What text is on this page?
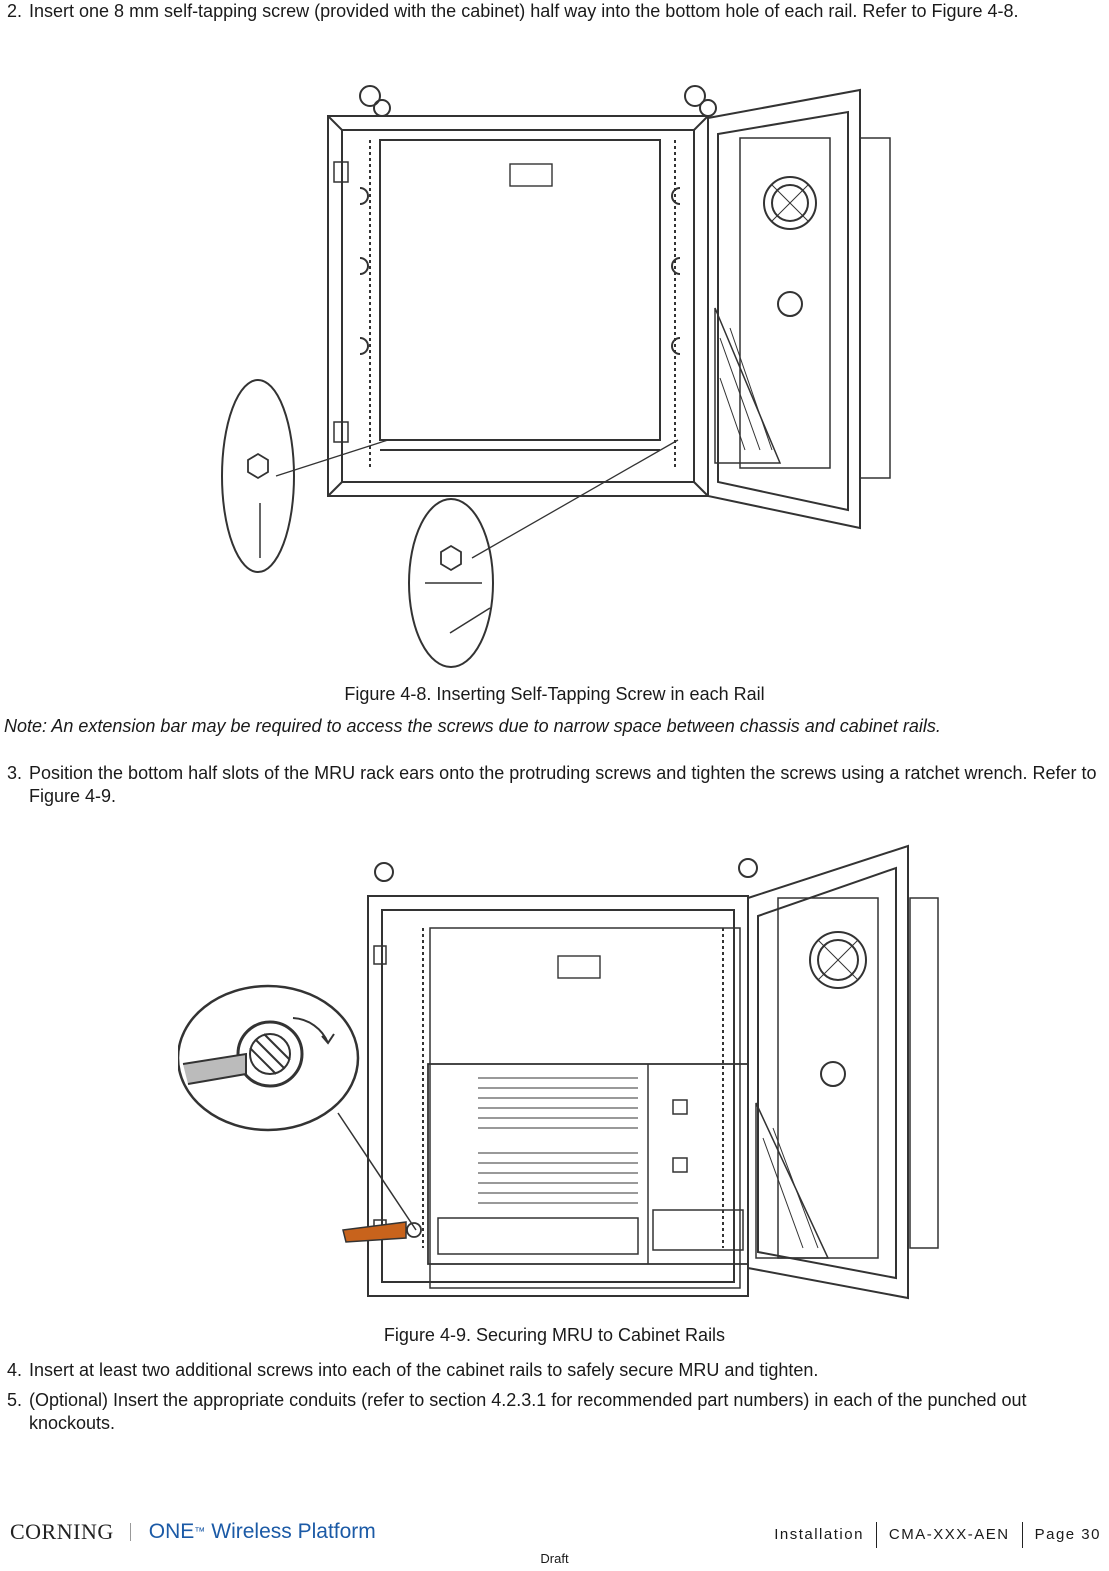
2. Insert one 8 mm self-tapping screw (provided with the cabinet) half way into the bottom hole of each rail. Refer to Figure 4-8.
Figure 4-8. Inserting Self-Tapping Screw in each Rail
Note: An extension bar may be required to access the screws due to narrow space between chassis and cabinet rails.
3. Position the bottom half slots of the MRU rack ears onto the protruding screws and tighten the screws using a ratchet wrench. Refer to Figure 4-9.
Figure 4-9. Securing MRU to Cabinet Rails
4. Insert at least two additional screws into each of the cabinet rails to safely secure MRU and tighten.
5. (Optional) Insert the appropriate conduits (refer to section 4.2.3.1 for recommended part numbers) in each of the punched out knockouts.
CORNING ONE ™ Wireless Platform	Installation	CMA-XXX-AEN	Page 30
Draft
